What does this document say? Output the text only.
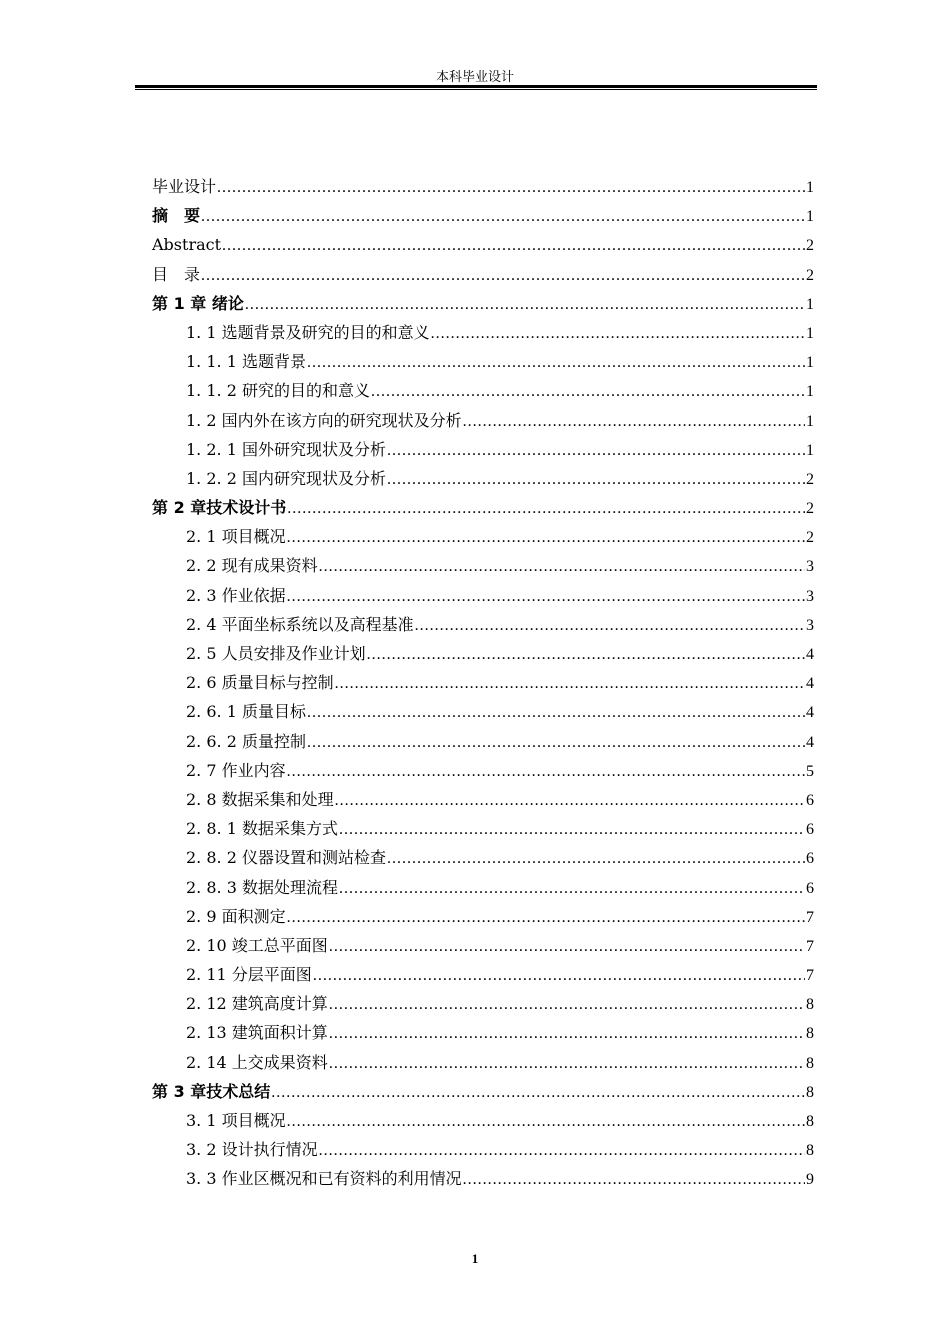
本科毕业设计
毕业设计 .....	1
摘　要 .....	1
Abstract .....	2
目 录 .....	2
第 1 章 绪论 .....	1
1. 1 选题背景及研究的目的和意义 .....	1
1. 1. 1 选题背景 .....	1
1. 1. 2 研究的目的和意义 .....	1
1. 2 国内外在该方向的研究现状及分析 .....	1
1. 2. 1 国外研究现状及分析 .....	1
1. 2. 2 国内研究现状及分析 .....	2
第 2 章技术设计书 .....	2
2. 1 项目概况 .....	2
2. 2 现有成果资料 .....	3
2. 3 作业依据 .....	3
2. 4 平面坐标系统以及高程基准 .....	3
2. 5 人员安排及作业计划 .....	4
2. 6 质量目标与控制 .....	4
2. 6. 1 质量目标 .....	4
2. 6. 2 质量控制 .....	4
2. 7 作业内容 .....	5
2. 8 数据采集和处理 .....	6
2. 8. 1 数据采集方式 .....	6
2. 8. 2 仪器设置和测站检查 .....	6
2. 8. 3 数据处理流程 .....	6
2. 9 面积测定 .....	7
2. 10 竣工总平面图 .....	7
2. 11 分层平面图 .....	7
2. 12 建筑高度计算 .....	8
2. 13 建筑面积计算 .....	8
2. 14 上交成果资料 .....	8
第 3 章技术总结 .....	8
3. 1 项目概况 .....	8
3. 2 设计执行情况 .....	8
3. 3 作业区概况和已有资料的利用情况 .....	9
1
